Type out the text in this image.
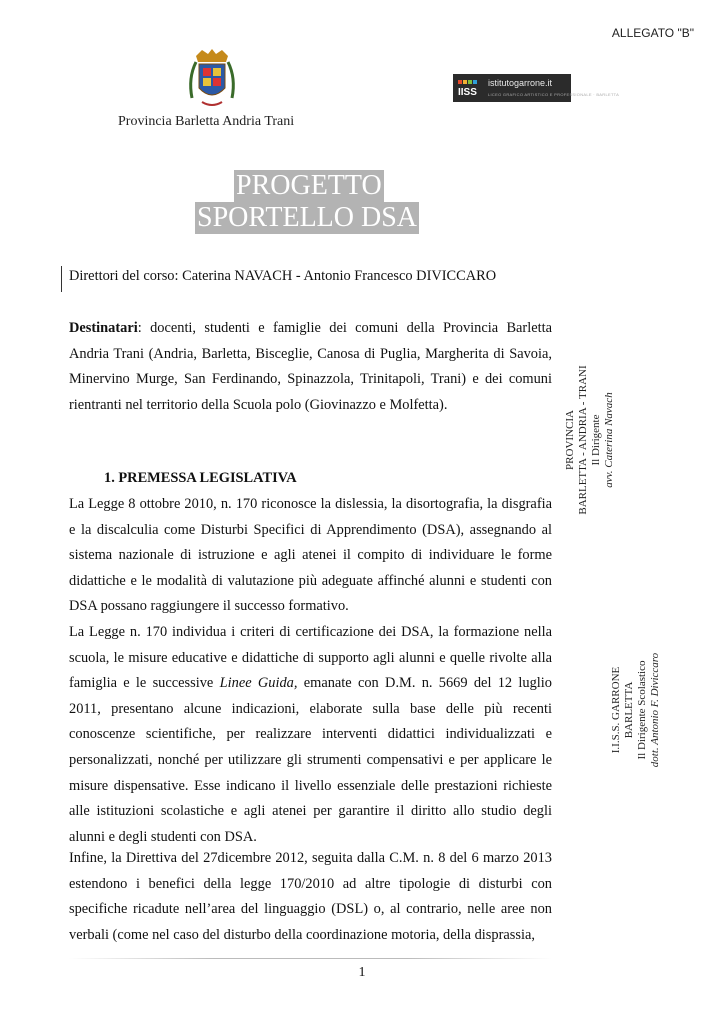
ALLEGATO "B"
Provincia Barletta Andria Trani
IISS
istitutogarrone.it
LICEO GRAFICO ARTISTICO E PROFESSIONALE · BARLETTA
PROGETTO
SPORTELLO DSA
Direttori del corso: Caterina NAVACH - Antonio Francesco DIVICCARO

Destinatari: docenti, studenti e famiglie dei comuni della Provincia Barletta Andria Trani (Andria, Barletta, Bisceglie, Canosa di Puglia, Margherita di Savoia, Minervino Murge, San Ferdinando, Spinazzola, Trinitapoli, Trani) e dei comuni rientranti nel territorio della Scuola polo (Giovinazzo e Molfetta).

1. PREMESSA LEGISLATIVA

La Legge 8 ottobre 2010, n. 170 riconosce la dislessia, la disortografia, la disgrafia e la discalculia come Disturbi Specifici di Apprendimento (DSA), assegnando al sistema nazionale di istruzione e agli atenei il compito di individuare le forme didattiche e le modalità di valutazione più adeguate affinché alunni e studenti con DSA possano raggiungere il successo formativo.

La Legge n. 170 individua i criteri di certificazione dei DSA, la formazione nella scuola, le misure educative e didattiche di supporto agli alunni e quelle rivolte alla famiglia e le successive Linee Guida, emanate con D.M. n. 5669 del 12 luglio 2011, presentano alcune indicazioni, elaborate sulla base delle più recenti conoscenze scientifiche, per realizzare interventi didattici individualizzati e personalizzati, nonché per utilizzare gli strumenti compensativi e per applicare le misure dispensative. Esse indicano il livello essenziale delle prestazioni richieste alle istituzioni scolastiche e agli atenei per garantire il diritto allo studio degli alunni e degli studenti con DSA.

Infine, la Direttiva del 27dicembre 2012, seguita dalla C.M. n. 8 del 6 marzo 2013 estendono i benefici della legge 170/2010 ad altre tipologie di disturbi con specifiche ricadute nell’area del linguaggio (DSL) o, al contrario, nelle aree non verbali (come nel caso del disturbo della coordinazione motoria, della disprassia,

PROVINCIA BARLETTA - ANDRIA - TRANI Il Dirigente avv. Caterina Navach
I.I.S.S. GARRONE BARLETTA Il Dirigente Scolastico dott. Antonio F. Diviccaro
1
